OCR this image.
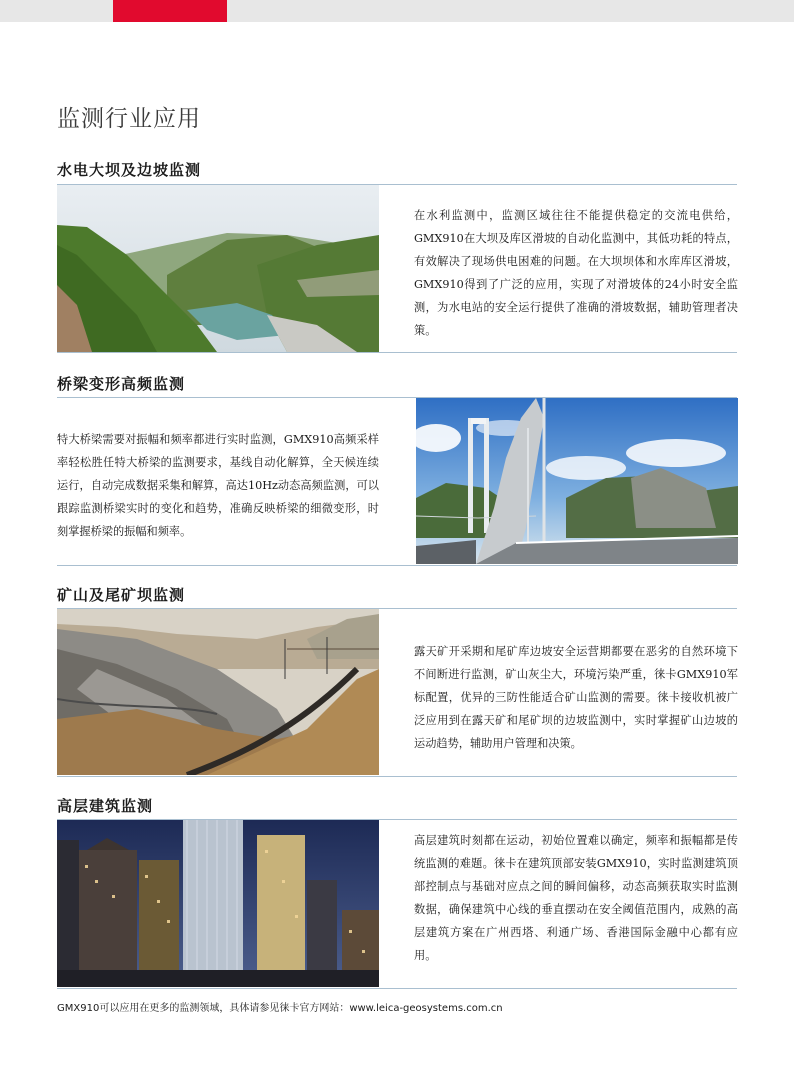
监测行业应用
水电大坝及边坡监测
在水利监测中，监测区域往往不能提供稳定的交流电供给，GMX910在大坝及库区滑坡的自动化监测中，其低功耗的特点，有效解决了现场供电困难的问题。在大坝坝体和水库库区滑坡，GMX910得到了广泛的应用，实现了对滑坡体的24小时安全监测，为水电站的安全运行提供了准确的滑坡数据，辅助管理者决策。
桥梁变形高频监测
特大桥梁需要对振幅和频率都进行实时监测，GMX910高频采样率轻松胜任特大桥梁的监测要求，基线自动化解算，全天候连续运行，自动完成数据采集和解算，高达10Hz动态高频监测，可以跟踪监测桥梁实时的变化和趋势，准确反映桥梁的细微变形，时刻掌握桥梁的振幅和频率。
矿山及尾矿坝监测
露天矿开采期和尾矿库边坡安全运营期都要在恶劣的自然环境下不间断进行监测，矿山灰尘大，环境污染严重，徕卡GMX910军标配置，优异的三防性能适合矿山监测的需要。徕卡接收机被广泛应用到在露天矿和尾矿坝的边坡监测中，实时掌握矿山边坡的运动趋势，辅助用户管理和决策。
高层建筑监测
高层建筑时刻都在运动，初始位置难以确定，频率和振幅都是传统监测的难题。徕卡在建筑顶部安装GMX910，实时监测建筑顶部控制点与基础对应点之间的瞬间偏移，动态高频获取实时监测数据，确保建筑中心线的垂直摆动在安全阈值范围内，成熟的高层建筑方案在广州西塔、利通广场、香港国际金融中心都有应用。
GMX910可以应用在更多的监测领域，具体请参见徕卡官方网站：www.leica-geosystems.com.cn
